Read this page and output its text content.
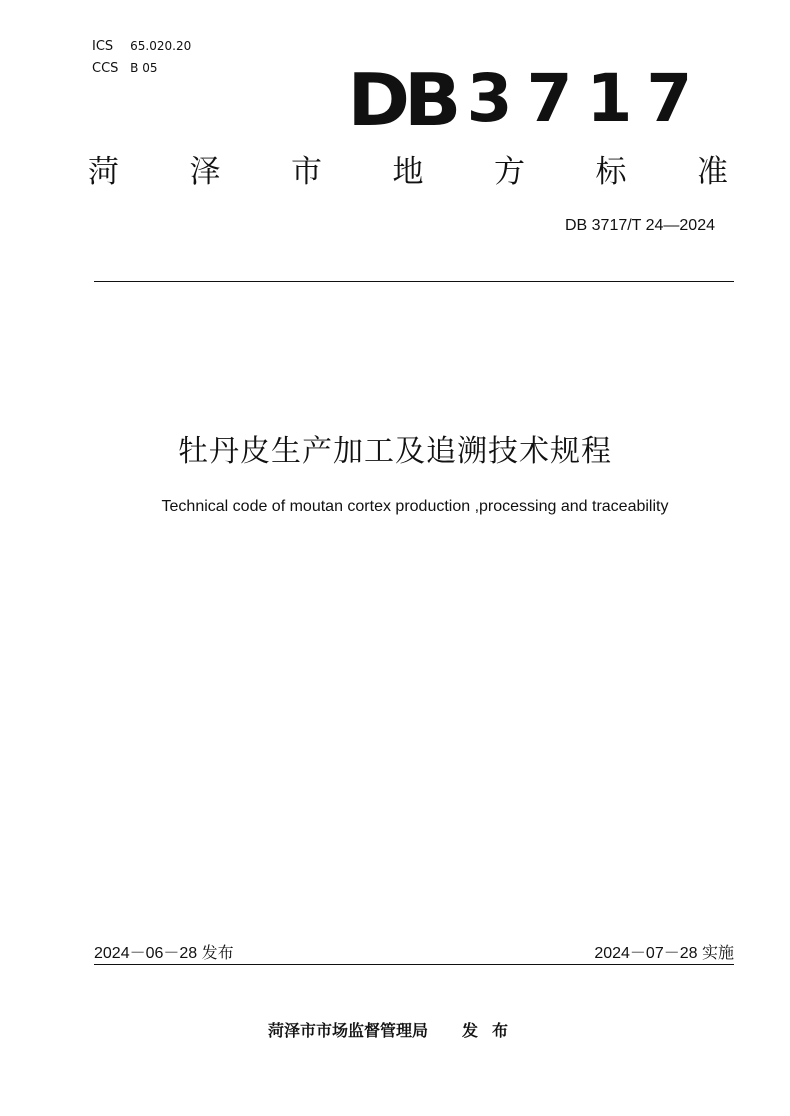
ICS 65.020.20
CCS B 05	DB 3717
菏 泽 市 地 方 标 准
DB 3717/T 24—2024
牡丹皮生产加工及追溯技术规程
Technical code of moutan cortex production ,processing and traceability
2024－06－28 发布	2024－07－28 实施
菏泽市市场监督管理局 发布
